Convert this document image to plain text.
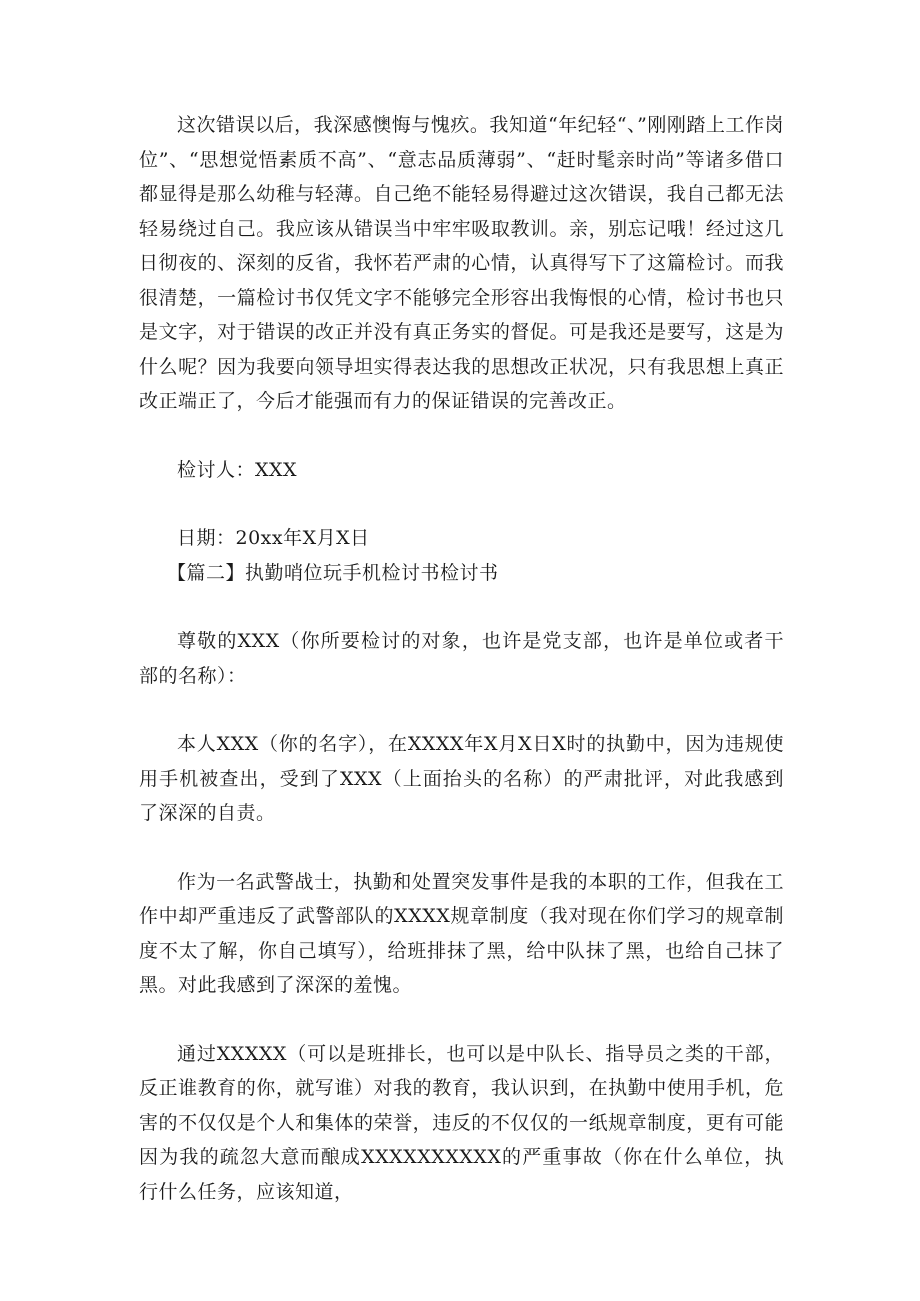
这次错误以后，我深感懊悔与愧疚。我知道“年纪轻“、”刚刚踏上工作岗位”、“思想觉悟素质不高”、“意志品质薄弱”、“赶时髦亲时尚”等诸多借口都显得是那么幼稚与轻薄。自己绝不能轻易得避过这次错误，我自己都无法轻易绕过自己。我应该从错误当中牢牢吸取教训。亲，别忘记哦！经过这几日彻夜的、深刻的反省，我怀若严肃的心情，认真得写下了这篇检讨。而我很清楚，一篇检讨书仅凭文字不能够完全形容出我悔恨的心情，检讨书也只是文字，对于错误的改正并没有真正务实的督促。可是我还是要写，这是为什么呢？因为我要向领导坦实得表达我的思想改正状况，只有我思想上真正改正端正了，今后才能强而有力的保证错误的完善改正。

检讨人：XXX

日期：20xx年X月X日

【篇二】执勤哨位玩手机检讨书检讨书

尊敬的XXX（你所要检讨的对象，也许是党支部，也许是单位或者干部的名称）：

本人XXX（你的名字），在XXXX年X月X日X时的执勤中，因为违规使用手机被查出，受到了XXX（上面抬头的名称）的严肃批评，对此我感到了深深的自责。

作为一名武警战士，执勤和处置突发事件是我的本职的工作，但我在工作中却严重违反了武警部队的XXXX规章制度（我对现在你们学习的规章制度不太了解，你自己填写），给班排抹了黑，给中队抹了黑，也给自己抹了黑。对此我感到了深深的羞愧。

通过XXXXX（可以是班排长，也可以是中队长、指导员之类的干部，反正谁教育的你，就写谁）对我的教育，我认识到，在执勤中使用手机，危害的不仅仅是个人和集体的荣誉，违反的不仅仅的一纸规章制度，更有可能因为我的疏忽大意而酿成XXXXXXXXXX的严重事故（你在什么单位，执行什么任务，应该知道，
